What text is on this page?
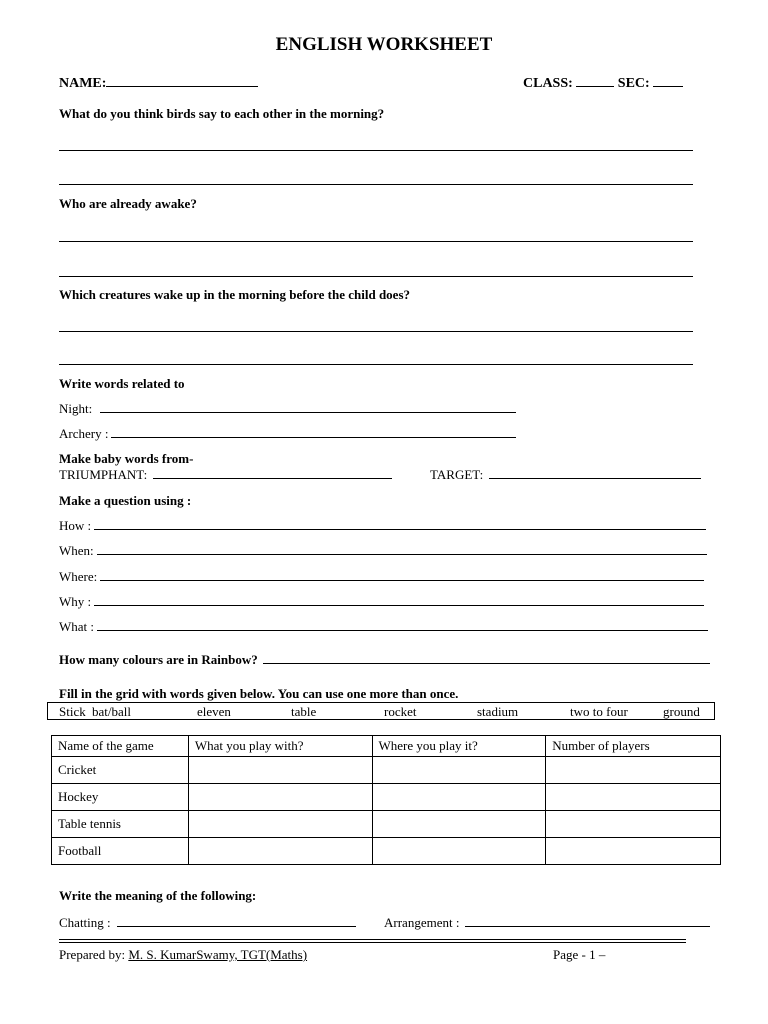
ENGLISH WORKSHEET
NAME:	CLASS:	SEC:
What do you think birds say to each other in the morning?
Who are already awake?
Which creatures wake up in the morning before the child does?
Write words related to
Night:
Archery :
Make baby words from-
TRIUMPHANT:	TARGET:
Make a question using :
How :
When:
Where:
Why :
What :
How many colours are in Rainbow?
Fill in the grid with words given below. You can use one more than once.
Stick bat/ball	eleven	table	rocket	stadium	two to four	ground
Name of the game	What you play with?	Where you play it?	Number of players
Cricket			
Hockey			
Table tennis			
Football			
Write the meaning of the following:
Chatting :	Arrangement :
Prepared by: M. S. KumarSwamy, TGT(Maths)	Page - 1 –
